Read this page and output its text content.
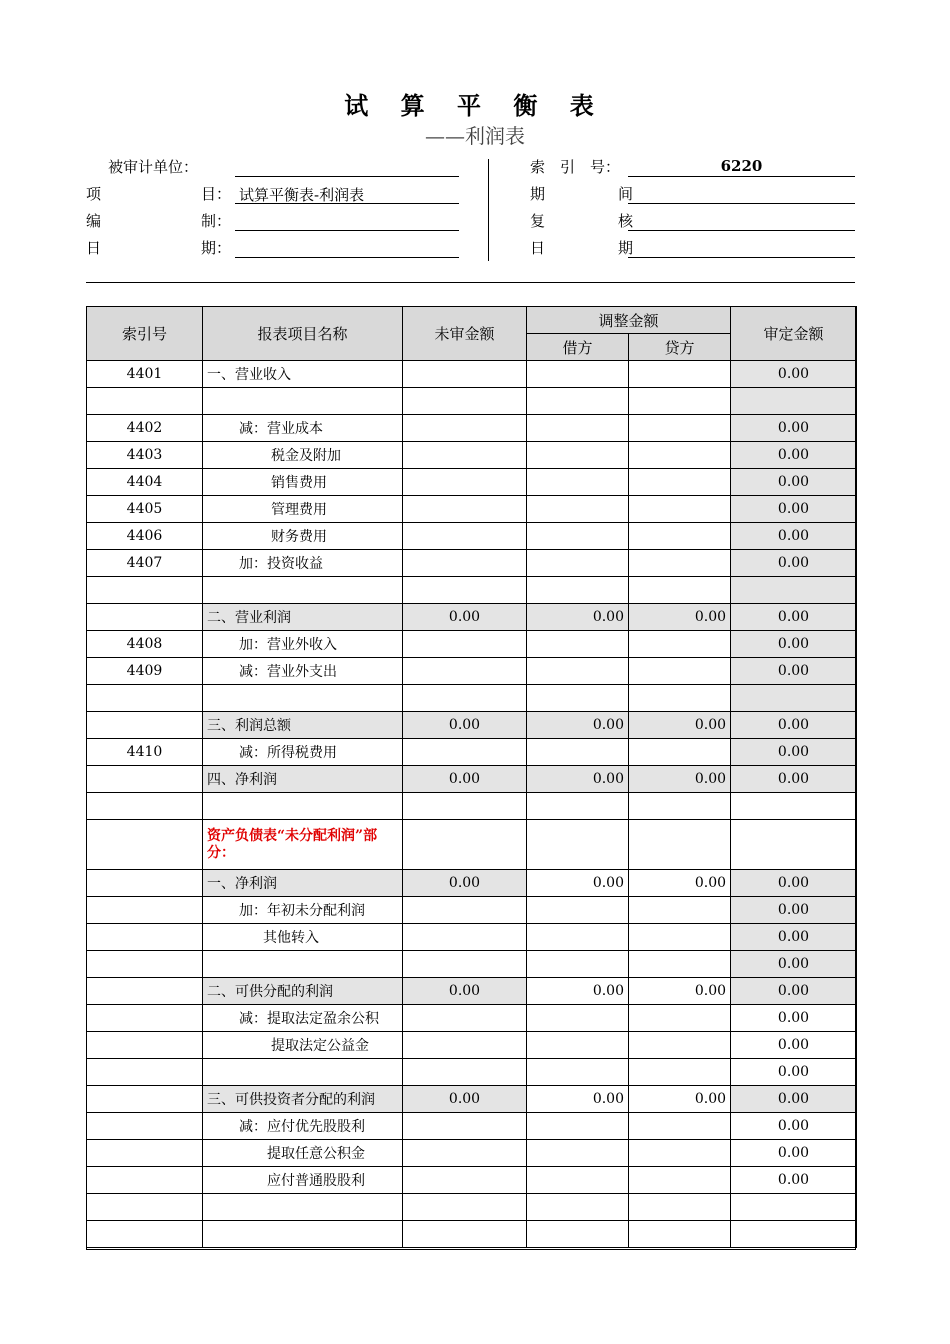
试 算 平 衡 表
——利润表
被审计单位：
项	目： 试算平衡表-利润表
编	制：
日	期：
索　引　号：	6220
期	间
复	核
日	期
索引号	报表项目名称	未审金额	调整金额		审定金额
			借方	贷方	
4401	一、营业收入				0.00

4402	减：营业成本				0.00
4403	税金及附加				0.00
4404	销售费用				0.00
4405	管理费用				0.00
4406	财务费用				0.00
4407	加：投资收益				0.00

	二、营业利润	0.00	0.00	0.00	0.00
4408	加：营业外收入				0.00
4409	减：营业外支出				0.00

	三、利润总额	0.00	0.00	0.00	0.00
4410	减：所得税费用				0.00
	四、净利润	0.00	0.00	0.00	0.00

	资产负债表“未分配利润”部分：				

	一、净利润	0.00	0.00	0.00	0.00
	加：年初未分配利润				0.00
	其他转入				0.00
					0.00
	二、可供分配的利润	0.00	0.00	0.00	0.00
	减：提取法定盈余公积				0.00
	提取法定公益金				0.00
					0.00
	三、可供投资者分配的利润	0.00	0.00	0.00	0.00
	减：应付优先股股利				0.00
	提取任意公积金				0.00
	应付普通股股利				0.00
